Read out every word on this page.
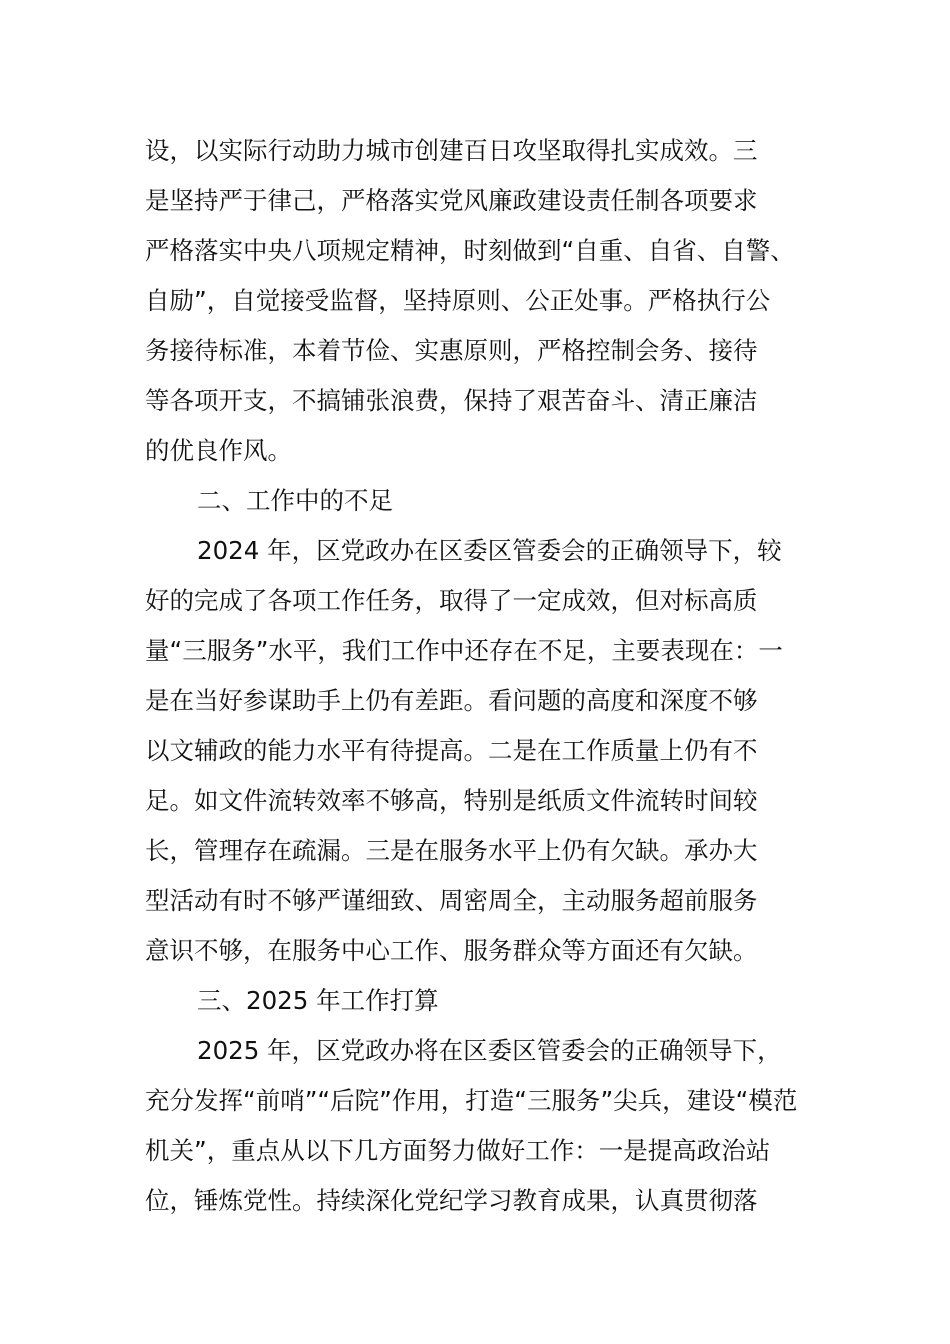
设，以实际行动助力城市创建百日攻坚取得扎实成效。三
是坚持严于律己，严格落实党风廉政建设责任制各项要求
严格落实中央八项规定精神，时刻做到“自重、自省、自警、
自励”，自觉接受监督，坚持原则、公正处事。严格执行公
务接待标准，本着节俭、实惠原则，严格控制会务、接待
等各项开支，不搞铺张浪费，保持了艰苦奋斗、清正廉洁
的优良作风。
二、工作中的不足
2024 年，区党政办在区委区管委会的正确领导下，较
好的完成了各项工作任务，取得了一定成效，但对标高质
量“三服务”水平，我们工作中还存在不足，主要表现在：一
是在当好参谋助手上仍有差距。看问题的高度和深度不够
以文辅政的能力水平有待提高。二是在工作质量上仍有不
足。如文件流转效率不够高，特别是纸质文件流转时间较
长，管理存在疏漏。三是在服务水平上仍有欠缺。承办大
型活动有时不够严谨细致、周密周全，主动服务超前服务
意识不够，在服务中心工作、服务群众等方面还有欠缺。
三、2025 年工作打算
2025 年，区党政办将在区委区管委会的正确领导下，
充分发挥“前哨”“后院”作用，打造“三服务”尖兵，建设“模范
机关”，重点从以下几方面努力做好工作：一是提高政治站
位，锤炼党性。持续深化党纪学习教育成果，认真贯彻落
